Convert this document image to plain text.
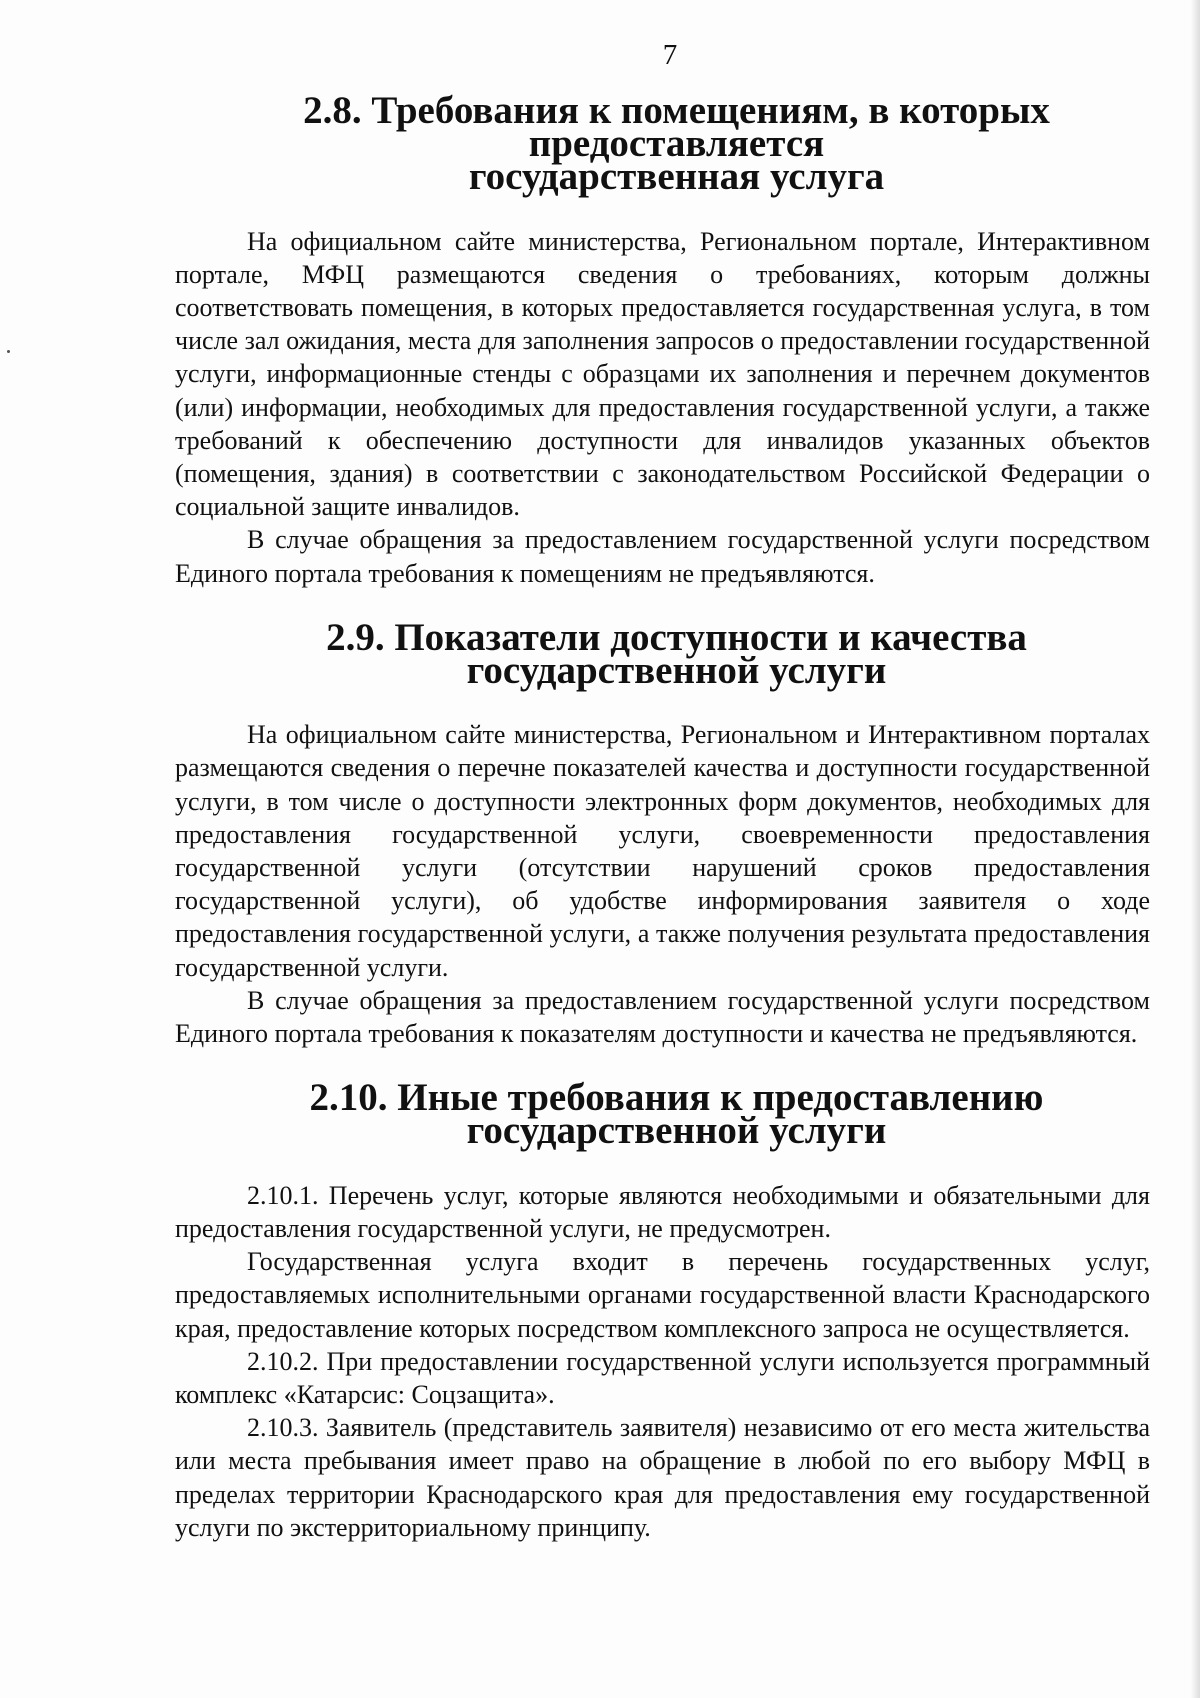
7
2.8. Требования к помещениям, в которых предоставляется
государственная услуга

На официальном сайте министерства, Региональном портале, Интерактивном портале, МФЦ размещаются сведения о требованиях, которым должны соответствовать помещения, в которых предоставляется государственная услуга, в том числе зал ожидания, места для заполнения запросов о предоставлении государственной услуги, информационные стенды с образцами их заполнения и перечнем документов (или) информации, необходимых для предоставления государственной услуги, а также требований к обеспечению доступности для инвалидов указанных объектов (помещения, здания) в соответствии с законодательством Российской Федерации о социальной защите инвалидов.

В случае обращения за предоставлением государственной услуги посредством Единого портала требования к помещениям не предъявляются.

2.9. Показатели доступности и качества
государственной услуги

На официальном сайте министерства, Региональном и Интерактивном порталах размещаются сведения о перечне показателей качества и доступности государственной услуги, в том числе о доступности электронных форм документов, необходимых для предоставления государственной услуги, своевременности предоставления государственной услуги (отсутствии нарушений сроков предоставления государственной услуги), об удобстве информирования заявителя о ходе предоставления государственной услуги, а также получения результата предоставления государственной услуги.

В случае обращения за предоставлением государственной услуги посредством Единого портала требования к показателям доступности и качества не предъявляются.

2.10. Иные требования к предоставлению
государственной услуги

2.10.1. Перечень услуг, которые являются необходимыми и обязательными для предоставления государственной услуги, не предусмотрен.

Государственная услуга входит в перечень государственных услуг, предоставляемых исполнительными органами государственной власти Краснодарского края, предоставление которых посредством комплексного запроса не осуществляется.

2.10.2. При предоставлении государственной услуги используется программный комплекс «Катарсис: Соцзащита».

2.10.3. Заявитель (представитель заявителя) независимо от его места жительства или места пребывания имеет право на обращение в любой по его выбору МФЦ в пределах территории Краснодарского края для предоставления ему государственной услуги по экстерриториальному принципу.
